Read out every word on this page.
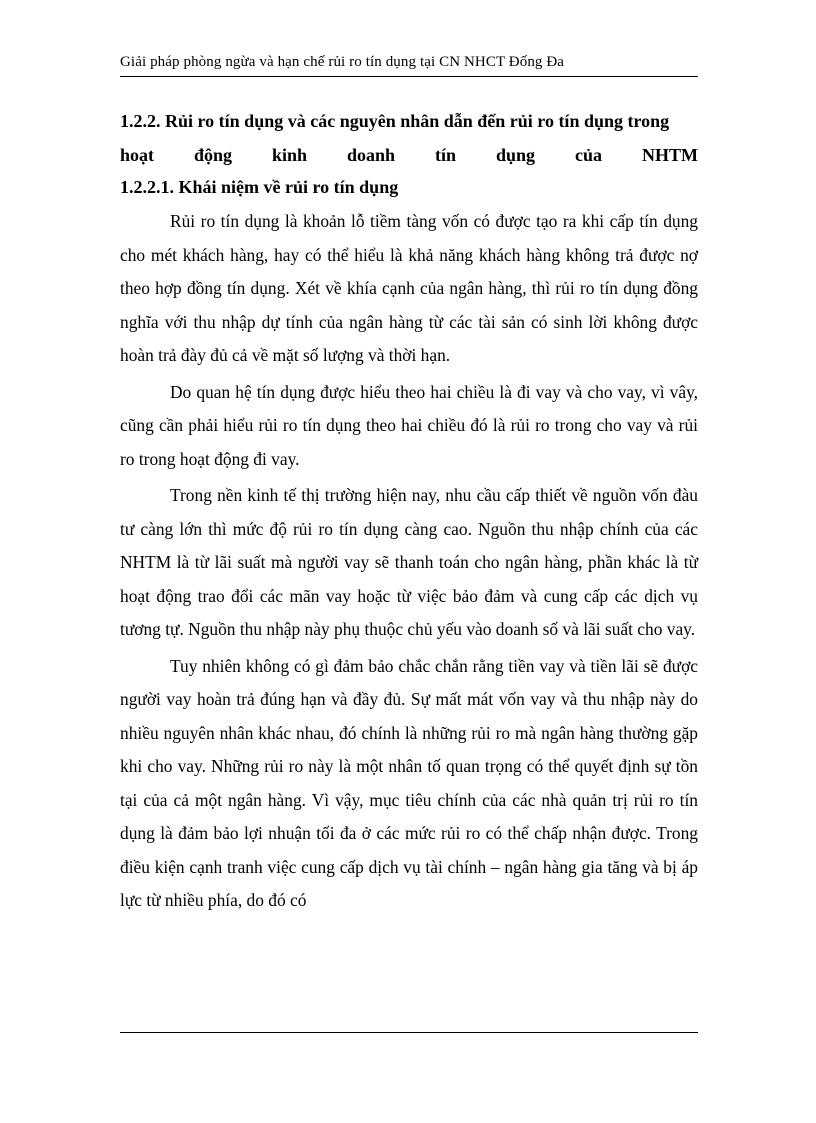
Giải pháp phòng ngừa và hạn chế rủi ro tín dụng tại CN NHCT Đống Đa
1.2.2. Rủi ro tín dụng và các nguyên nhân dẫn đến rủi ro tín dụng trong
hoạt động kinh doanh tín dụng của NHTM
1.2.2.1. Khái niệm về rủi ro tín dụng

Rủi ro tín dụng là khoản lỗ tiềm tàng vốn có được tạo ra khi cấp tín dụng cho mét khách hàng, hay có thể hiểu là khả năng khách hàng không trả được nợ theo hợp đồng tín dụng. Xét về khía cạnh của ngân hàng, thì rủi ro tín dụng đồng nghĩa với thu nhập dự tính của ngân hàng từ các tài sản có sinh lời không được hoàn trả đày đủ cả về mặt số lượng và thời hạn.

Do quan hệ tín dụng được hiểu theo hai chiều là đi vay và cho vay, vì vây, cũng cần phải hiểu rủi ro tín dụng theo hai chiều đó là rủi ro trong cho vay và rủi ro trong hoạt động đi vay.

Trong nền kinh tế thị trường hiện nay, nhu cầu cấp thiết về nguồn vốn đàu tư càng lớn thì mức độ rủi ro tín dụng càng cao. Nguồn thu nhập chính của các NHTM là từ lãi suất mà người vay sẽ thanh toán cho ngân hàng, phần khác là từ hoạt động trao đổi các mãn vay hoặc từ việc bảo đảm và cung cấp các dịch vụ tương tự. Nguồn thu nhập này phụ thuộc chủ yếu vào doanh số và lãi suất cho vay.

Tuy nhiên không có gì đảm bảo chắc chắn rằng tiền vay và tiền lãi sẽ được người vay hoàn trả đúng hạn và đầy đủ. Sự mất mát vốn vay và thu nhập này do nhiều nguyên nhân khác nhau, đó chính là những rủi ro mà ngân hàng thường gặp khi cho vay. Những rủi ro này là một nhân tố quan trọng có thể quyết định sự tồn tại của cả một ngân hàng. Vì vậy, mục tiêu chính của các nhà quản trị rủi ro tín dụng là đảm bảo lợi nhuận tối đa ở các mức rủi ro có thể chấp nhận được. Trong điều kiện cạnh tranh việc cung cấp dịch vụ tài chính – ngân hàng gia tăng và bị áp lực từ nhiều phía, do đó có
